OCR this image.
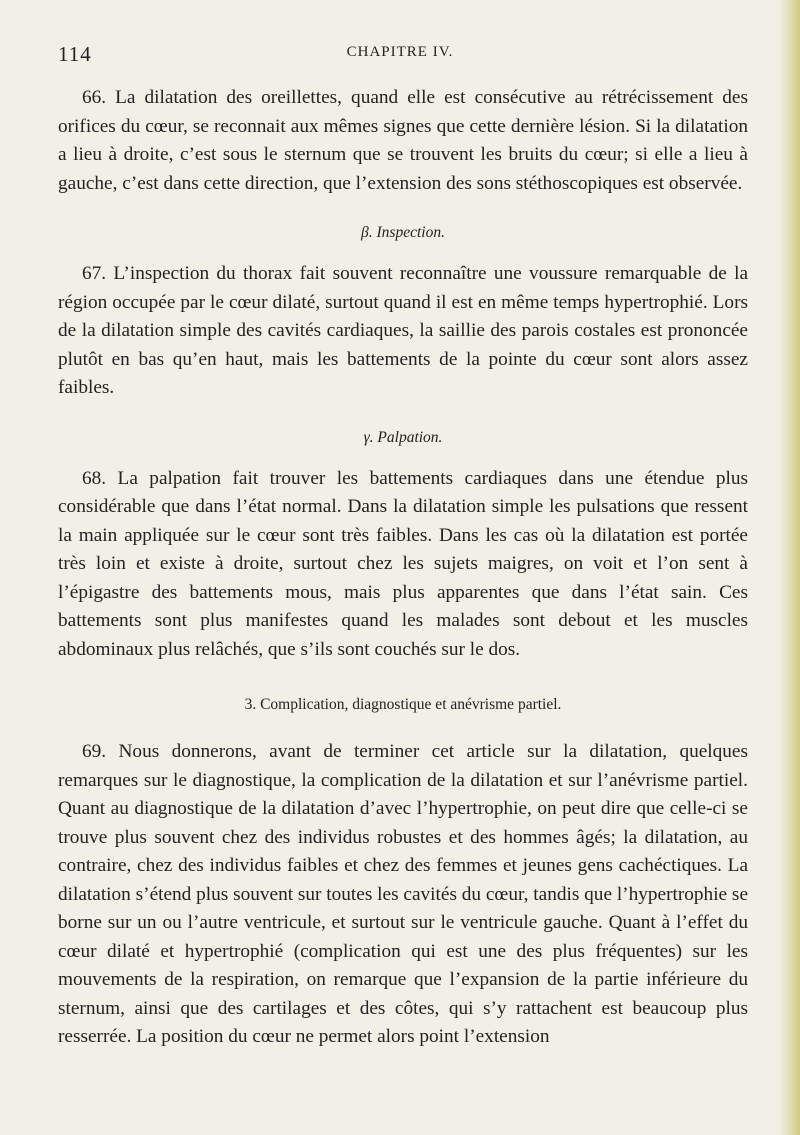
114	CHAPITRE IV.

66. La dilatation des oreillettes, quand elle est consécutive au rétrécissement des orifices du cœur, se reconnait aux mêmes signes que cette dernière lésion. Si la dilatation a lieu à droite, c’est sous le sternum que se trouvent les bruits du cœur; si elle a lieu à gauche, c’est dans cette direction, que l’extension des sons stéthoscopiques est observée.

β. Inspection.

67. L’inspection du thorax fait souvent reconnaître une voussure remarquable de la région occupée par le cœur dilaté, surtout quand il est en même temps hypertrophié. Lors de la dilatation simple des cavités cardiaques, la saillie des parois costales est prononcée plutôt en bas qu’en haut, mais les battements de la pointe du cœur sont alors assez faibles.

γ. Palpation.

68. La palpation fait trouver les battements cardiaques dans une étendue plus considérable que dans l’état normal. Dans la dilatation simple les pulsations que ressent la main appliquée sur le cœur sont très faibles. Dans les cas où la dilatation est portée très loin et existe à droite, surtout chez les sujets maigres, on voit et l’on sent à l’épigastre des battements mous, mais plus apparentes que dans l’état sain. Ces battements sont plus manifestes quand les malades sont debout et les muscles abdominaux plus relâchés, que s’ils sont couchés sur le dos.

3. Complication, diagnostique et anévrisme partiel.

69. Nous donnerons, avant de terminer cet article sur la dilatation, quelques remarques sur le diagnostique, la complication de la dilatation et sur l’anévrisme partiel. Quant au diagnostique de la dilatation d’avec l’hypertrophie, on peut dire que celle-ci se trouve plus souvent chez des individus robustes et des hommes âgés; la dilatation, au contraire, chez des individus faibles et chez des femmes et jeunes gens cachéctiques. La dilatation s’étend plus souvent sur toutes les cavités du cœur, tandis que l’hypertrophie se borne sur un ou l’autre ventricule, et surtout sur le ventricule gauche. Quant à l’effet du cœur dilaté et hypertrophié (complication qui est une des plus fréquentes) sur les mouvements de la respiration, on remarque que l’expansion de la partie inférieure du sternum, ainsi que des cartilages et des côtes, qui s’y rattachent est beaucoup plus resserrée. La position du cœur ne permet alors point l’extension
